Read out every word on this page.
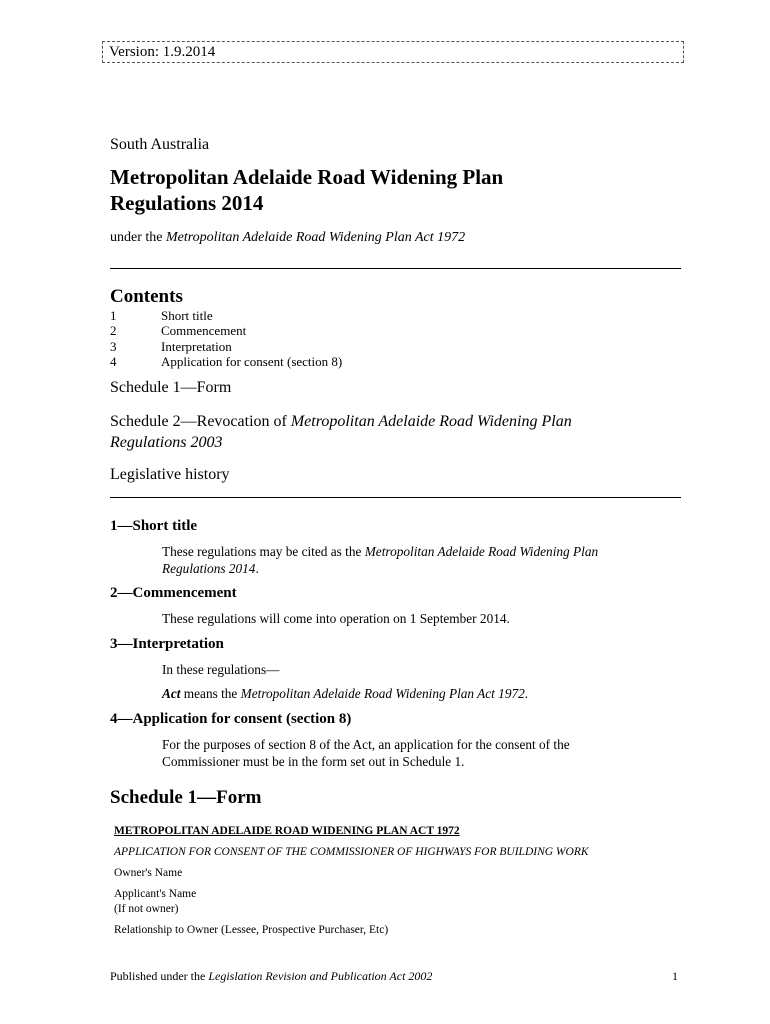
Version: 1.9.2014
South Australia
Metropolitan Adelaide Road Widening Plan
Regulations 2014
under the Metropolitan Adelaide Road Widening Plan Act 1972
Contents
1	Short title
2	Commencement
3	Interpretation
4	Application for consent (section 8)
Schedule 1—Form
Schedule 2—Revocation of Metropolitan Adelaide Road Widening Plan
Regulations 2003
Legislative history
1—Short title

These regulations may be cited as the Metropolitan Adelaide Road Widening Plan
Regulations 2014.

2—Commencement

These regulations will come into operation on 1 September 2014.

3—Interpretation

In these regulations—

Act means the Metropolitan Adelaide Road Widening Plan Act 1972.

4—Application for consent (section 8)

For the purposes of section 8 of the Act, an application for the consent of the
Commissioner must be in the form set out in Schedule 1.

Schedule 1—Form
METROPOLITAN ADELAIDE ROAD WIDENING PLAN ACT 1972
APPLICATION FOR CONSENT OF THE COMMISSIONER OF HIGHWAYS FOR BUILDING WORK
Owner's Name
Applicant's Name
(If not owner)
Relationship to Owner (Lessee, Prospective Purchaser, Etc)
Published under the Legislation Revision and Publication Act 2002	1
